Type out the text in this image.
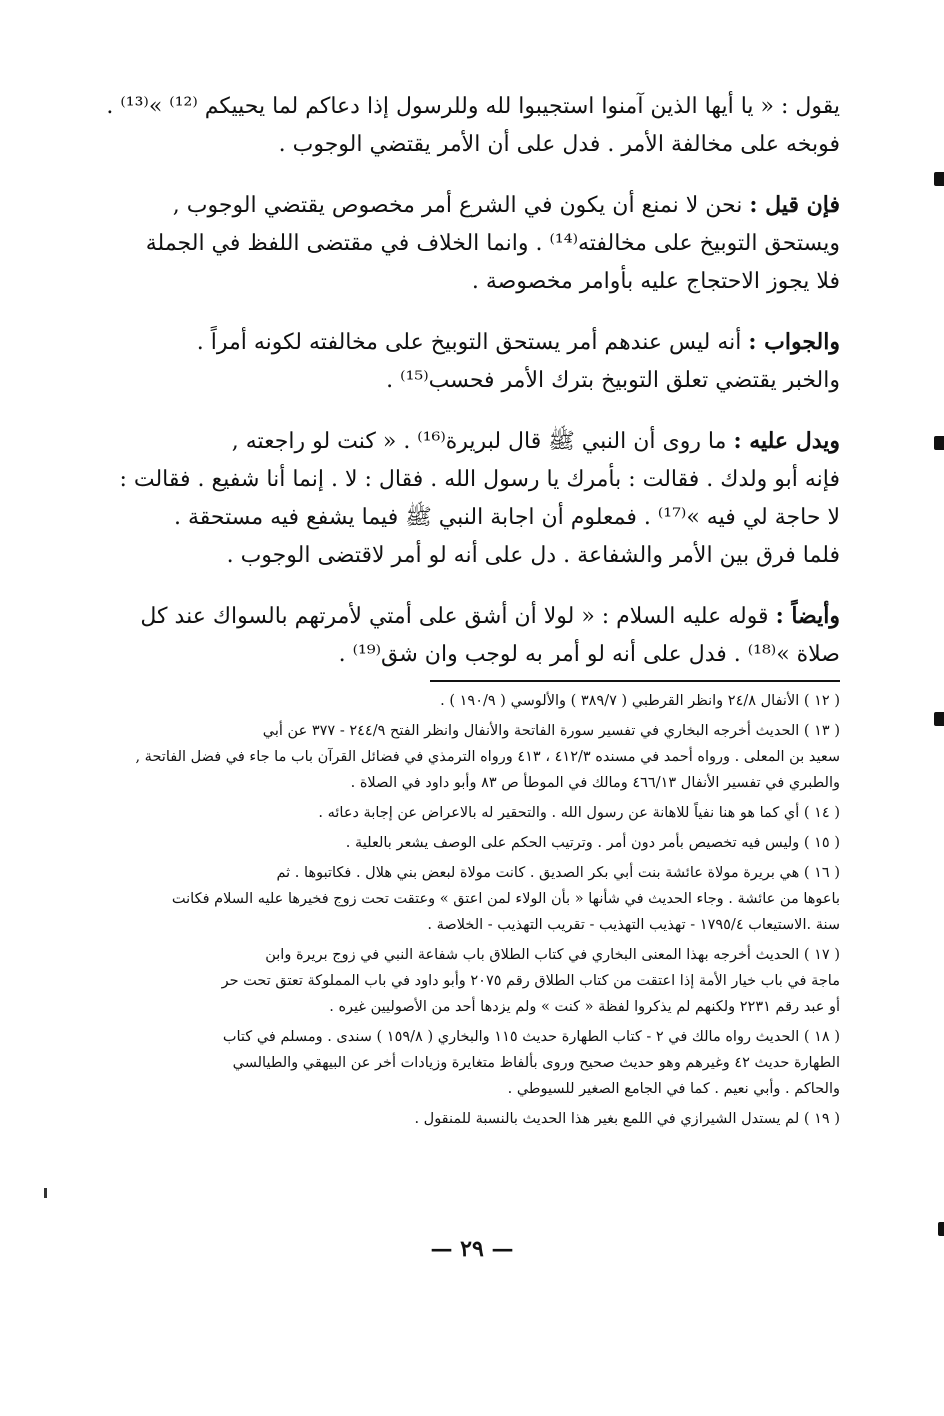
يقول : « يا أيها الذين آمنوا استجيبوا لله وللرسول إذا دعاكم لما يحييكم ⁽¹²⁾ »⁽¹³⁾ .
فوبخه على مخالفة الأمر . فدل على أن الأمر يقتضي الوجوب .
فإن قيل : نحن لا نمنع أن يكون في الشرع أمر مخصوص يقتضي الوجوب ,
ويستحق التوبيخ على مخالفته⁽¹⁴⁾ . وانما الخلاف في مقتضى اللفظ في الجملة
فلا يجوز الاحتجاج عليه بأوامر مخصوصة .
والجواب : أنه ليس عندهم أمر يستحق التوبيخ على مخالفته لكونه أمراً .
والخبر يقتضي تعلق التوبيخ بترك الأمر فحسب⁽¹⁵⁾ .
ويدل عليه : ما روى أن النبي ﷺ قال لبريرة⁽¹⁶⁾ . « كنت لو راجعته ,
فإنه أبو ولدك . فقالت : بأمرك يا رسول الله . فقال : لا . إنما أنا شفيع . فقالت :
لا حاجة لي فيه »⁽¹⁷⁾ . فمعلوم أن اجابة النبي ﷺ فيما يشفع فيه مستحقة .
فلما فرق بين الأمر والشفاعة . دل على أنه لو أمر لاقتضى الوجوب .
وأيضاً : قوله عليه السلام : « لولا أن أشق على أمتي لأمرتهم بالسواك عند كل
صلاة »⁽¹⁸⁾ . فدل على أنه لو أمر به لوجب وان شق⁽¹⁹⁾ .
( ١٢ ) الأنفال ٢٤/٨ وانظر القرطبي ( ٣٨٩/٧ ) والألوسي ( ١٩٠/٩ ) .
( ١٣ ) الحديث أخرجه البخاري في تفسير سورة الفاتحة والأنفال وانظر الفتح ٢٤٤/٩ - ٣٧٧ عن أبي
سعيد بن المعلى . ورواه أحمد في مسنده ٤١٢/٣ ، ٤١٣ ورواه الترمذي في فضائل القرآن باب ما جاء في فضل الفاتحة ,
والطبري في تفسير الأنفال ٤٦٦/١٣ ومالك في الموطأ ص ٨٣ وأبو داود في الصلاة .
( ١٤ ) أي كما هو هنا نفياً للاهانة عن رسول الله . والتحقير له بالاعراض عن إجابة دعائه .
( ١٥ ) وليس فيه تخصيص بأمر دون أمر . وترتيب الحكم على الوصف يشعر بالعلية .
( ١٦ ) هي بريرة مولاة عائشة بنت أبي بكر الصديق . كانت مولاة لبعض بني هلال . فكاتبوها . ثم
باعوها من عائشة . وجاء الحديث في شأنها « بأن الولاء لمن اعتق » وعتقت تحت زوج فخيرها عليه السلام فكانت
سنة .الاستيعاب ١٧٩٥/٤ - تهذيب التهذيب - تقريب التهذيب - الخلاصة .
( ١٧ ) الحديث أخرجه بهذا المعنى البخاري في كتاب الطلاق باب شفاعة النبي في زوج بريرة وابن
ماجة في باب خيار الأمة إذا اعتقت من كتاب الطلاق رقم ٢٠٧٥ وأبو داود في باب المملوكة تعتق تحت حر
أو عبد رقم ٢٢٣١ ولكنهم لم يذكروا لفظة « كنت » ولم يزدها أحد من الأصوليين غيره .
( ١٨ ) الحديث رواه مالك في ٢ - كتاب الطهارة حديث ١١٥ والبخاري ( ١٥٩/٨ ) سندى . ومسلم في كتاب
الطهارة حديث ٤٢ وغيرهم وهو حديث صحيح وروى بألفاظ متغايرة وزيادات أخر عن البيهقي والطيالسي
والحاكم . وأبي نعيم . كما في الجامع الصغير للسيوطي .
( ١٩ ) لم يستدل الشيرازي في اللمع بغير هذا الحديث بالنسبة للمنقول .
— ٢٩ —
